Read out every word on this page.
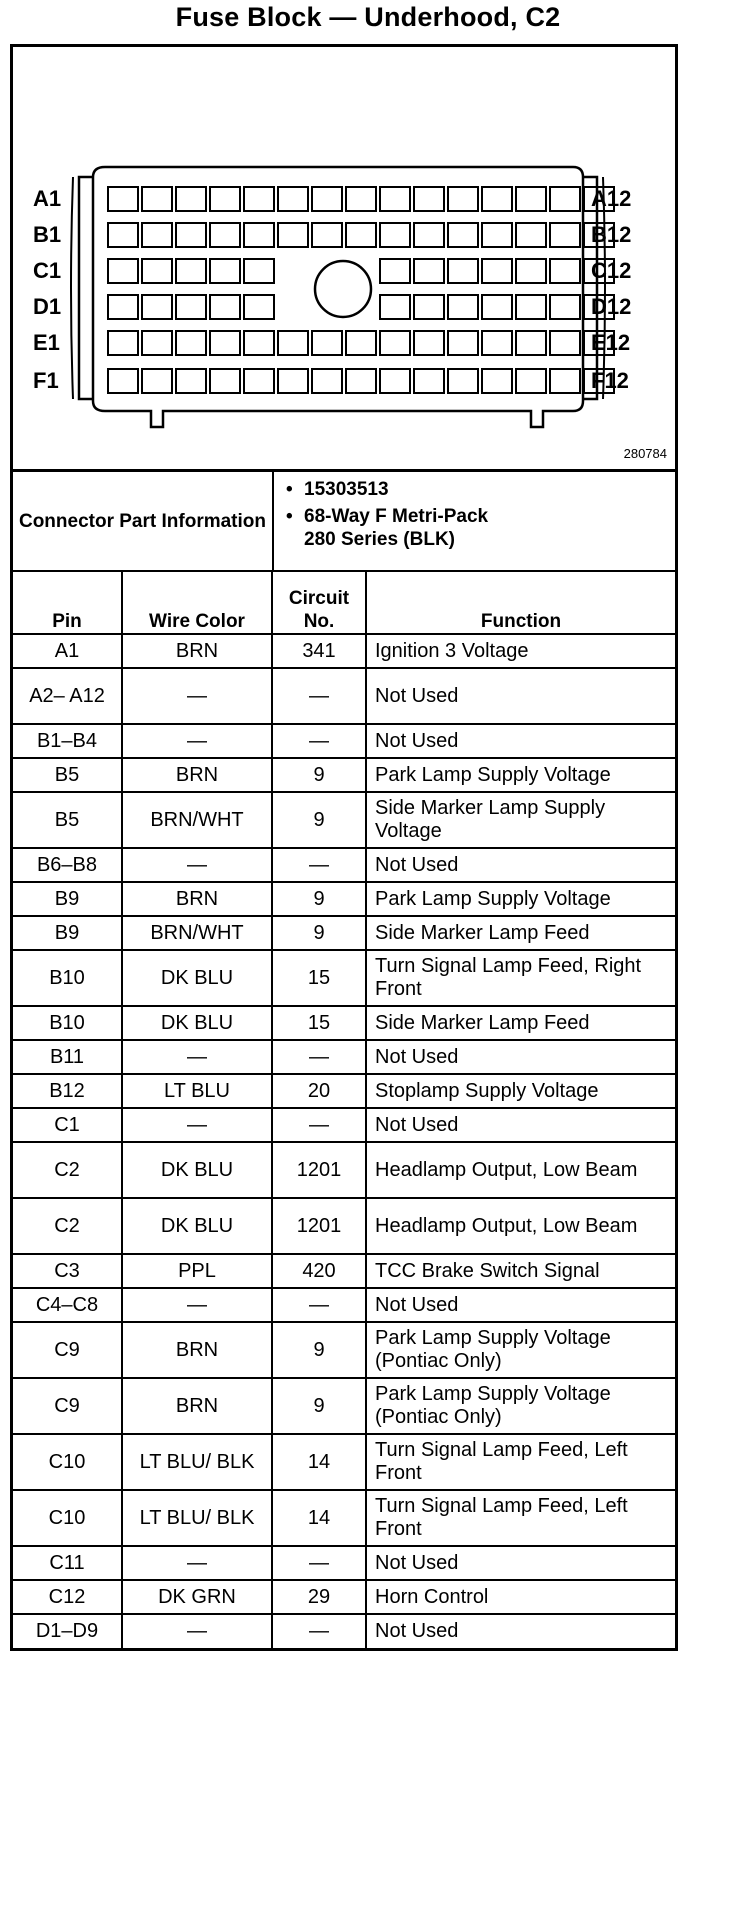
Fuse Block — Underhood, C2
A1
B1
C1
D1
E1
F1
A12
B12
C12
D12
E12
F12
280784
Connector Part Information
• 15303513
• 68-Way F Metri-Pack
280 Series (BLK)
Pin	Wire Color	Circuit No.	Function
A1	BRN	341	Ignition 3 Voltage
A2– A12	—	—	Not Used
B1–B4	—	—	Not Used
B5	BRN	9	Park Lamp Supply Voltage
B5	BRN/WHT	9	Side Marker Lamp Supply Voltage
B6–B8	—	—	Not Used
B9	BRN	9	Park Lamp Supply Voltage
B9	BRN/WHT	9	Side Marker Lamp Feed
B10	DK BLU	15	Turn Signal Lamp Feed, Right Front
B10	DK BLU	15	Side Marker Lamp Feed
B11	—	—	Not Used
B12	LT BLU	20	Stoplamp Supply Voltage
C1	—	—	Not Used
C2	DK BLU	1201	Headlamp Output, Low Beam
C2	DK BLU	1201	Headlamp Output, Low Beam
C3	PPL	420	TCC Brake Switch Signal
C4–C8	—	—	Not Used
C9	BRN	9	Park Lamp Supply Voltage (Pontiac Only)
C9	BRN	9	Park Lamp Supply Voltage (Pontiac Only)
C10	LT BLU/ BLK	14	Turn Signal Lamp Feed, Left Front
C10	LT BLU/ BLK	14	Turn Signal Lamp Feed, Left Front
C11	—	—	Not Used
C12	DK GRN	29	Horn Control
D1–D9	—	—	Not Used
